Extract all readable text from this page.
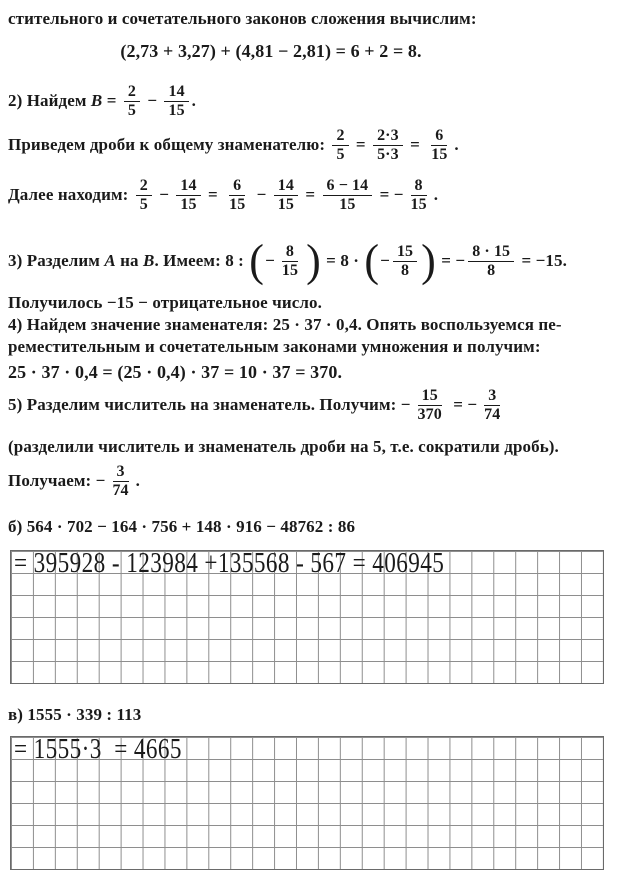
стительного и сочетательного законов сложения вычислим:
(2,73 + 3,27) + (4,81 − 2,81) = 6 + 2 = 8.
2) Найдем $B = \frac{2}{5} - \frac{14}{15}$ .
Приведем дроби к общему знаменателю: $\frac{2}{5} = \frac{2\cdot 3}{5\cdot 3} = \frac{6}{15}$ .
Далее находим: $\frac{2}{5} - \frac{14}{15} = \frac{6}{15} - \frac{14}{15} = \frac{6 - 14}{15}$ = − $\frac{8}{15}$ .
3) Разделим A на B . Имеем: 8 : ( − $\frac{8}{15}$ ) = 8 · ( − $\frac{15}{8}$ ) = − $\frac{8 \cdot 15}{8} = -15$.
Получилось −15 − отрицательное число.
4) Найдем значение знаменателя: 25 · 37 · 0,4. Опять воспользуемся пе-
реместительным и сочетательным законами умножения и получим:
25 · 37 · 0,4 = (25 · 0,4) · 37 = 10 · 37 = 370.
5) Разделим числитель на знаменатель. Получим: − $\frac{15}{370}$ = − $\frac{3}{74}$
(разделили числитель и знаменатель дроби на 5, т.е. сократили дробь).
Получаем: − $\frac{3}{74}$ .
б) 564 · 702 − 164 · 756 + 148 · 916 − 48762 : 86
= 395928 - 123984 +135568 - 567 = 406945
в) 1555 · 339 : 113
= 1555·3  = 4665
